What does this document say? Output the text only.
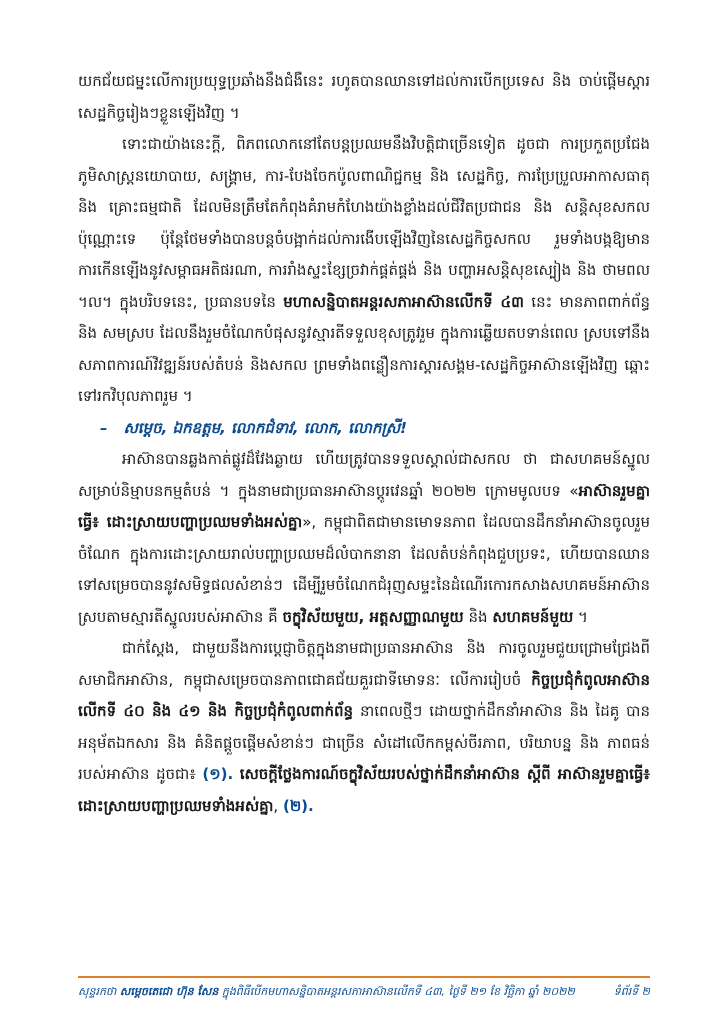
យកជ័យជម្នះលើការប្រយុទ្ធប្រឆាំងនឹងជំងឺនេះ រហូតបានឈានទៅដល់ការបើកប្រទេស និង ចាប់ផ្តើមស្តារសេដ្ឋកិច្ចរៀងៗខ្លួនឡើងវិញ ។

ទោះជាយ៉ាងនេះក្តី, ពិភពលោកនៅតែបន្តប្រឈមនឹងវិបត្តិជាច្រើនទៀត ដូចជា ការប្រកួតប្រជែងភូមិសាស្ត្រនយោបាយ, សង្គ្រាម, ការ-បែងចែកប៉ូលពាណិជ្ជកម្ម និង សេដ្ឋកិច្ច, ការប្រែប្រួលអាកាសធាតុ និង គ្រោះធម្មជាតិ ដែលមិនត្រឹមតែកំពុងគំរាមកំហែងយ៉ាងខ្លាំងដល់ជីវិតប្រជាជន និង សន្តិសុខសកល ប៉ុណ្ណោះទេ ប៉ុន្តែថែមទាំងបានបន្តចំបង្អាក់ដល់ការងើបឡើងវិញនៃសេដ្ឋកិច្ចសកល រួមទាំងបង្កឱ្យមានការកើនឡើងនូវសម្ពាធអតិផរណា, ការរាំងស្ទះខ្សែច្រវាក់ផ្គត់ផ្គង់ និង បញ្ហាអសន្តិសុខស្បៀង និង ថាមពល ។ល។ ក្នុងបរិបទនេះ, ប្រធានបទនៃ មហាសន្និបាតអន្តរសភាអាស៊ានលើកទី ៤៣ នេះ មានភាពពាក់ព័ន្ធ និង សមស្រប ដែលនឹងរួមចំណែកបំផុសនូវស្មារតីទទួលខុសត្រូវរួម ក្នុងការឆ្លើយតបទាន់ពេល ស្របទៅនឹងសភាពការណ៍វិវឌ្ឍន៍របស់តំបន់ និងសកល ព្រមទាំងពន្លឿនការស្តារសង្គម-សេដ្ឋកិច្ចអាស៊ានឡើងវិញ ឆ្ពោះទៅរកវិបុលភាពរួម ។

– សម្តេច, ឯកឧត្តម, លោកជំទាវ, លោក, លោកស្រី!

អាស៊ានបានឆ្លងកាត់ផ្លូវដ៏វែងឆ្ងាយ ហើយត្រូវបានទទួលស្គាល់ជាសកល ថា ជាសហគមន៍ស្នូលសម្រាប់និម្មាបនកម្មតំបន់ ។ ក្នុងនាមជាប្រធានអាស៊ានប្តូរវេនឆ្នាំ ២០២២ ក្រោមមូលបទ «អាស៊ានរួមគ្នាធ្វើ៖ ដោះស្រាយបញ្ហាប្រឈមទាំងអស់គ្នា», កម្ពុជាពិតជាមានមោទនភាព ដែលបានដឹកនាំអាស៊ានចូលរួមចំណែក ក្នុងការដោះស្រាយរាល់បញ្ហាប្រឈមដ៏លំបាកនានា ដែលតំបន់កំពុងជួបប្រទះ, ហើយបានឈានទៅសម្រេចបាននូវសមិទ្ធផលសំខាន់ៗ ដើម្បីរួមចំណែកជំរុញសម្ទះនៃដំណើរកោរកសាងសហគមន៍អាស៊ានស្របតាមស្មារតីស្នូលរបស់អាស៊ាន គឺ ចក្ខុវិស័យមួយ, អត្តសញ្ញាណមួយ និង សហគមន៍មួយ ។

ជាក់ស្តែង, ជាមួយនឹងការប្តេជ្ញាចិត្តក្នុងនាមជាប្រធានអាស៊ាន និង ការចូលរួមជួយជ្រោមជ្រែងពីសមាជិកអាស៊ាន, កម្ពុជាសម្រេចបានភាពជោគជ័យគួរជាទីមោទនៈ លើការរៀបចំ កិច្ចប្រជុំកំពូលអាស៊ានលើកទី ៤០ និង ៤១ និង កិច្ចប្រជុំកំពូលពាក់ព័ន្ធ នាពេលថ្មីៗ ដោយថ្នាក់ដឹកនាំអាស៊ាន និង ដៃគូ បានអនុម័តឯកសារ និង គំនិតផ្តួចផ្តើមសំខាន់ៗ ជាច្រើន សំដៅលើកកម្ពស់ចីរភាព, បរិយាបន្ន និង ភាពធន់របស់អាស៊ាន ដូចជា៖ (១). សេចក្តីថ្លែងការណ៍ចក្ខុវិស័យរបស់ថ្នាក់ដឹកនាំអាស៊ាន ស្តីពី អាស៊ានរួមគ្នាធ្វើ៖ ដោះស្រាយបញ្ហាប្រឈមទាំងអស់គ្នា, (២).

សុន្ទរកថា សម្តេចតេជោ ហ៊ុន សែន ក្នុងពិធីបើកមហាសន្និបាតអន្តរសភាអាស៊ានលើកទី ៤៣, ថ្ងៃទី ២១ ខែ វិច្ឆិកា ឆ្នាំ ២០២២	ទំព័រទី ២
